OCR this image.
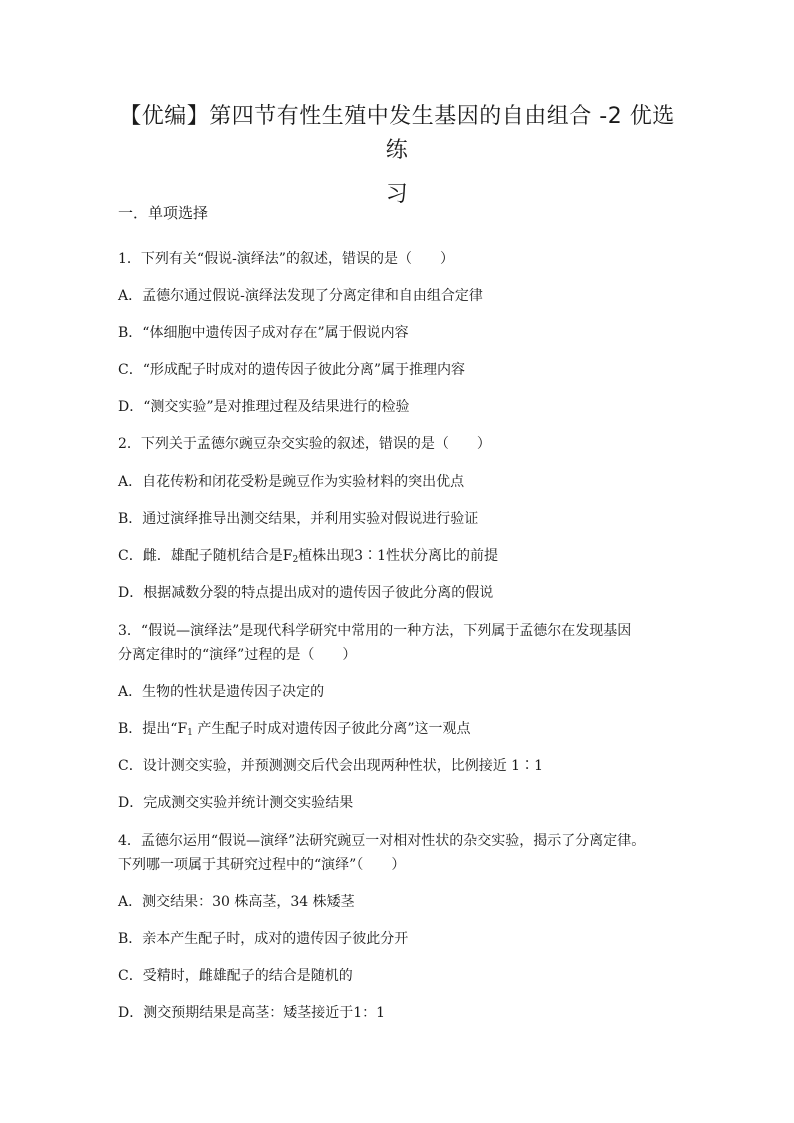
【优编】第四节有性生殖中发生基因的自由组合 -2 优选练
习
一．单项选择
1．下列有关“假说-演绎法”的叙述，错误的是（　　）
A．孟德尔通过假说-演绎法发现了分离定律和自由组合定律
B．“体细胞中遗传因子成对存在”属于假说内容
C．“形成配子时成对的遗传因子彼此分离”属于推理内容
D．“测交实验”是对推理过程及结果进行的检验
2．下列关于孟德尔豌豆杂交实验的叙述，错误的是（　　）
A．自花传粉和闭花受粉是豌豆作为实验材料的突出优点
B．通过演绎推导出测交结果，并利用实验对假说进行验证
C．雌．雄配子随机结合是$F_2$植株出现3∶1性状分离比的前提
D．根据减数分裂的特点提出成对的遗传因子彼此分离的假说
3．“假说—演绎法”是现代科学研究中常用的一种方法，下列属于孟德尔在发现基因
分离定律时的“演绎”过程的是（　　）
A．生物的性状是遗传因子决定的
B．提出“$F_1$ 产生配子时成对遗传因子彼此分离”这一观点
C．设计测交实验，并预测测交后代会出现两种性状，比例接近 1∶1
D．完成测交实验并统计测交实验结果
4．孟德尔运用“假说—演绎”法研究豌豆一对相对性状的杂交实验，揭示了分离定律。
下列哪一项属于其研究过程中的“演绎”（　　）
A．测交结果：30 株高茎，34 株矮茎
B．亲本产生配子时，成对的遗传因子彼此分开
C．受精时，雌雄配子的结合是随机的
D．测交预期结果是高茎：矮茎接近于1：1
